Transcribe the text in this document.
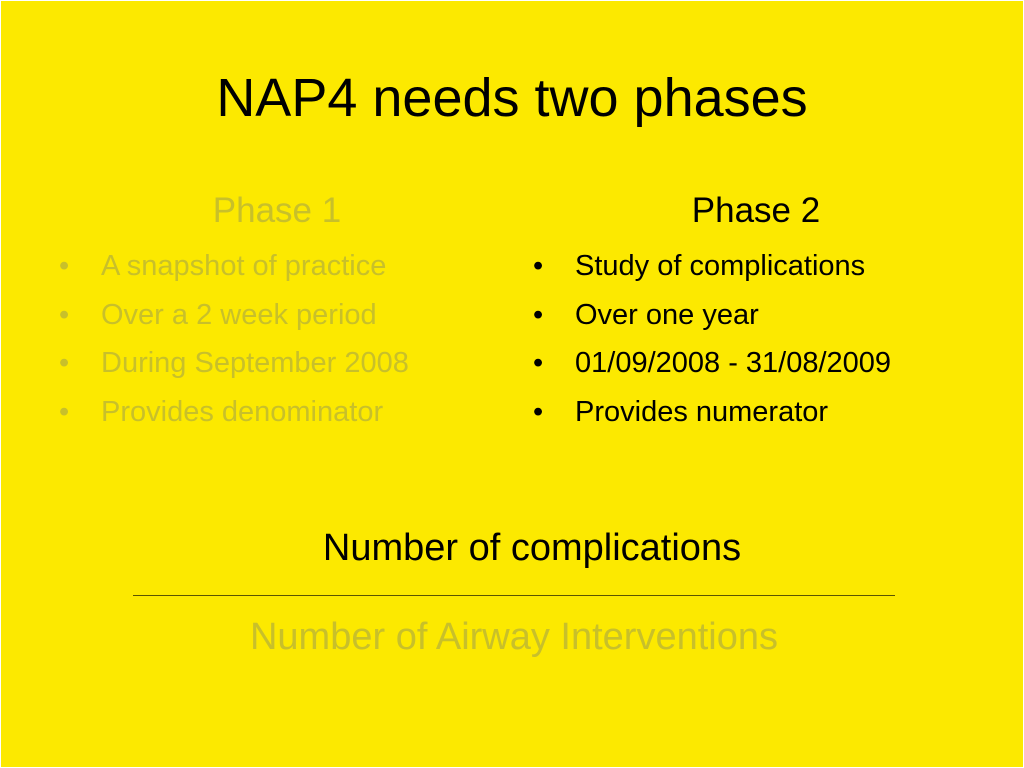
NAP4 needs two phases
Phase 1
•	A snapshot of practice
•	Over a 2 week period
•	During September 2008
•	Provides denominator
Phase 2
•	Study of complications
•	Over one year
•	01/09/2008 - 31/08/2009
•	Provides numerator
Number of complications
Number of Airway Interventions
